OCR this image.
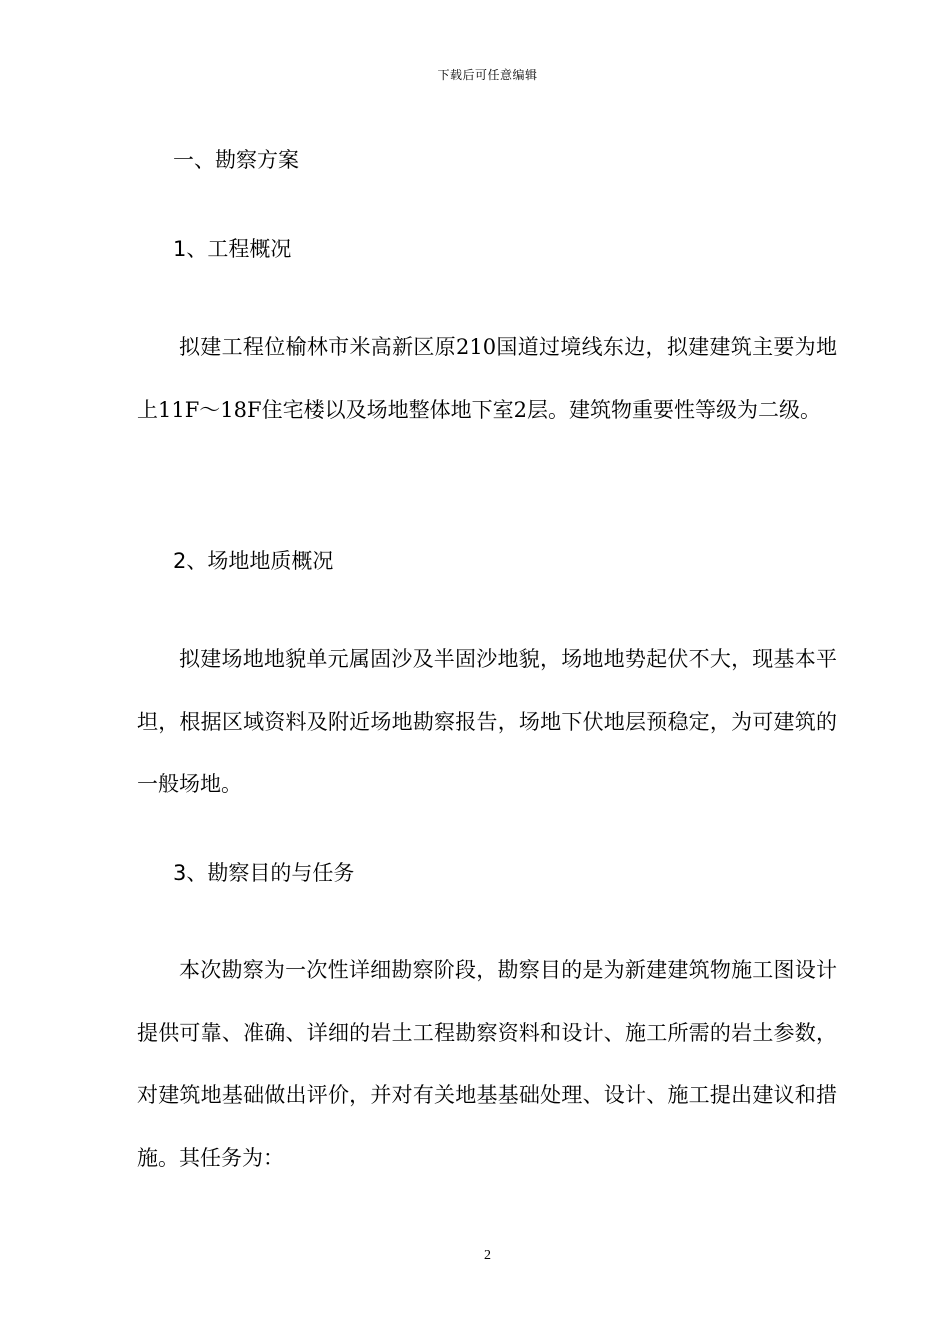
下载后可任意编辑
一、勘察方案
1、工程概况

拟建工程位榆林市米高新区原210国道过境线东边，拟建建筑主要为地上11F～18F住宅楼以及场地整体地下室2层。建筑物重要性等级为二级。

2、场地地质概况

拟建场地地貌单元属固沙及半固沙地貌，场地地势起伏不大，现基本平坦，根据区域资料及附近场地勘察报告，场地下伏地层预稳定，为可建筑的一般场地。

3、勘察目的与任务

本次勘察为一次性详细勘察阶段，勘察目的是为新建建筑物施工图设计提供可靠、准确、详细的岩土工程勘察资料和设计、施工所需的岩土参数，对建筑地基础做出评价，并对有关地基基础处理、设计、施工提出建议和措施。其任务为：

2
